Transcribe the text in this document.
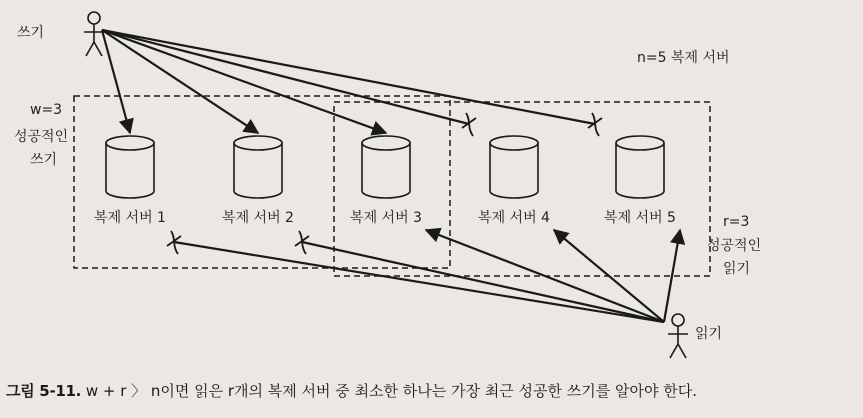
쓰기
읽기
n=5 복제 서버
w=3
성공적인
쓰기
r=3
성공적인
읽기
복제 서버 1	복제 서버 2	복제 서버 3	복제 서버 4	복제 서버 5
그림 5-11. w + r 〉 n이면 읽은 r개의 복제 서버 중 최소한 하나는 가장 최근 성공한 쓰기를 알아야 한다.
